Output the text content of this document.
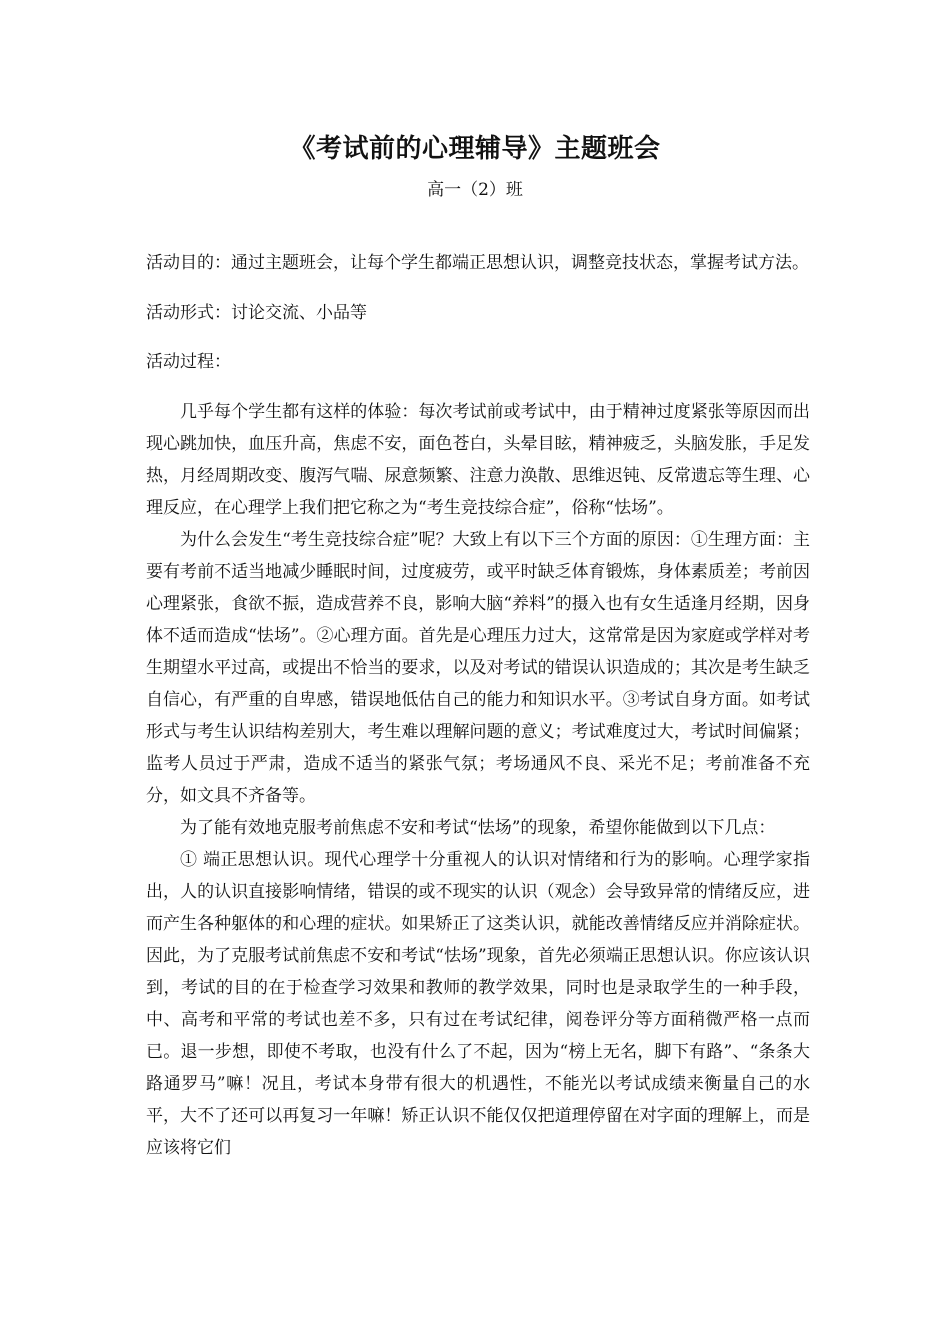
《考试前的心理辅导》主题班会
高一（2）班

活动目的：通过主题班会，让每个学生都端正思想认识，调整竞技状态，掌握考试方法。

活动形式：讨论交流、小品等

活动过程：

几乎每个学生都有这样的体验：每次考试前或考试中，由于精神过度紧张等原因而出现心跳加快，血压升高，焦虑不安，面色苍白，头晕目眩，精神疲乏，头脑发胀，手足发热，月经周期改变、腹泻气喘、尿意频繁、注意力涣散、思维迟钝、反常遗忘等生理、心理反应，在心理学上我们把它称之为“考生竞技综合症”，俗称“怯场”。

为什么会发生“考生竞技综合症”呢？大致上有以下三个方面的原因：①生理方面：主要有考前不适当地减少睡眠时间，过度疲劳，或平时缺乏体育锻炼，身体素质差；考前因心理紧张，食欲不振，造成营养不良，影响大脑“养料”的摄入也有女生适逢月经期，因身体不适而造成“怯场”。②心理方面。首先是心理压力过大，这常常是因为家庭或学样对考生期望水平过高，或提出不恰当的要求，以及对考试的错误认识造成的；其次是考生缺乏自信心，有严重的自卑感，错误地低估自己的能力和知识水平。③考试自身方面。如考试形式与考生认识结构差别大，考生难以理解问题的意义；考试难度过大，考试时间偏紧；监考人员过于严肃，造成不适当的紧张气氛；考场通风不良、采光不足；考前准备不充分，如文具不齐备等。

为了能有效地克服考前焦虑不安和考试“怯场”的现象，希望你能做到以下几点：

① 端正思想认识。现代心理学十分重视人的认识对情绪和行为的影响。心理学家指出，人的认识直接影响情绪，错误的或不现实的认识（观念）会导致异常的情绪反应，进而产生各种躯体的和心理的症状。如果矫正了这类认识，就能改善情绪反应并消除症状。因此，为了克服考试前焦虑不安和考试“怯场”现象，首先必须端正思想认识。你应该认识到，考试的目的在于检查学习效果和教师的教学效果，同时也是录取学生的一种手段，中、高考和平常的考试也差不多，只有过在考试纪律，阅卷评分等方面稍微严格一点而已。退一步想，即使不考取，也没有什么了不起，因为“榜上无名，脚下有路”、“条条大路通罗马”嘛！况且，考试本身带有很大的机遇性，不能光以考试成绩来衡量自己的水平，大不了还可以再复习一年嘛！矫正认识不能仅仅把道理停留在对字面的理解上，而是应该将它们
